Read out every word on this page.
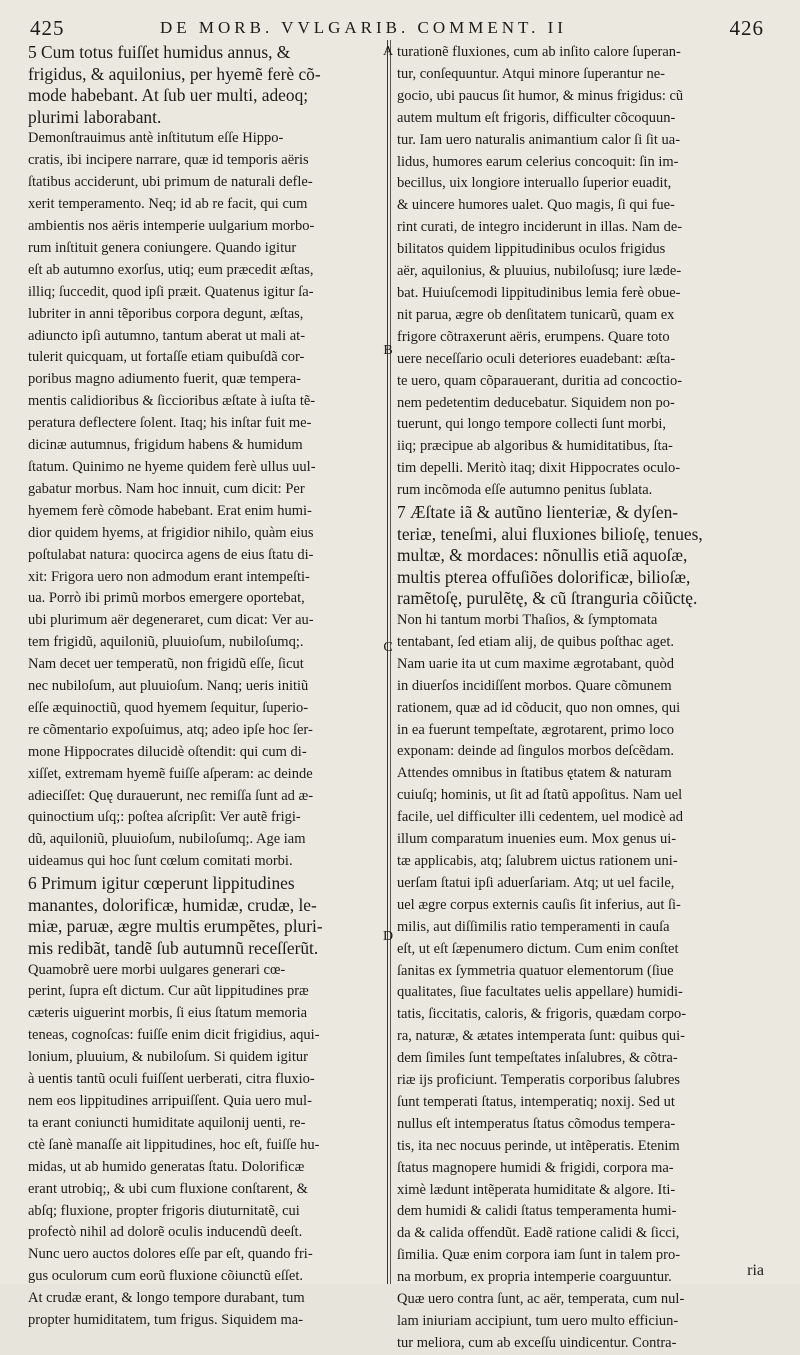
425	DE MORB. VVLGARIB. COMMENT. II	426
A
B
C
D
5 Cum totus fuiſſet humidus annus, &
frigidus, & aquilonius, per hyemẽ ferè cõ-
mode habebant. At ſub uer multi, adeoq;
plurimi laborabant.
Demonſtrauimus antè inſtitutum eſſe Hippo-
cratis, ibi incipere narrare, quæ id temporis aëris
ſtatibus acciderunt, ubi primum de naturali defle-
xerit temperamento. Neq; id ab re facit, qui cum
ambientis nos aëris intemperie uulgarium morbo-
rum inſtituit genera coniungere. Quando igitur
eſt ab autumno exorſus, utiq; eum præcedit æſtas,
illiq; ſuccedit, quod ipſi præit. Quatenus igitur ſa-
lubriter in anni tẽporibus corpora degunt, æſtas,
adiuncto ipſi autumno, tantum aberat ut mali at-
tulerit quicquam, ut fortaſſe etiam quibuſdã cor-
poribus magno adiumento fuerit, quæ tempera-
mentis calidioribus & ſiccioribus æſtate à iuſta tẽ-
peratura deflectere ſolent. Itaq; his inſtar fuit me-
dicinæ autumnus, frigidum habens & humidum
ſtatum. Quinimo ne hyeme quidem ferè ullus uul-
gabatur morbus. Nam hoc innuit, cum dicit: Per
hyemem ferè cõmode habebant. Erat enim humi-
dior quidem hyems, at frigidior nihilo, quàm eius
poſtulabat natura: quocirca agens de eius ſtatu di-
xit: Frigora uero non admodum erant intempeſti-
ua. Porrò ibi primũ morbos emergere oportebat,
ubi plurimum aër degeneraret, cum dicat: Ver au-
tem frigidũ, aquiloniũ, pluuioſum, nubiloſumq;.
Nam decet uer temperatũ, non frigidũ eſſe, ſicut
nec nubiloſum, aut pluuioſum. Nanq; ueris initiũ
eſſe æquinoctiũ, quod hyemem ſequitur, ſuperio-
re cõmentario expoſuimus, atq; adeo ipſe hoc ſer-
mone Hippocrates dilucidè oſtendit: qui cum di-
xiſſet, extremam hyemẽ fuiſſe aſperam: ac deinde
adieciſſet: Quę durauerunt, nec remiſſa ſunt ad æ-
quinoctium uſq;: poſtea aſcripſit: Ver autẽ frigi-
dũ, aquiloniũ, pluuioſum, nubiloſumq;. Age iam
uideamus qui hoc ſunt cœlum comitati morbi.
6 Primum igitur cœperunt lippitudines
manantes, dolorificæ, humidæ, crudæ, le-
miæ, paruæ, ægre multis erumpẽtes, pluri-
mis redibãt, tandẽ ſub autumnũ receſſerũt.
Quamobrẽ uere morbi uulgares generari cœ-
perint, ſupra eſt dictum. Cur aũt lippitudines præ
cæteris uiguerint morbis, ſi eius ſtatum memoria
teneas, cognoſcas: fuiſſe enim dicit frigidius, aqui-
lonium, pluuium, & nubiloſum. Si quidem igitur
à uentis tantũ oculi fuiſſent uerberati, citra fluxio-
nem eos lippitudines arripuiſſent. Quia uero mul-
ta erant coniuncti humiditate aquilonij uenti, re-
ctè ſanè manaſſe ait lippitudines, hoc eſt, fuiſſe hu-
midas, ut ab humido generatas ſtatu. Dolorificæ
erant utrobiq;, & ubi cum fluxione conſtarent, &
abſq; fluxione, propter frigoris diuturnitatẽ, cui
profectò nihil ad dolorẽ oculis inducendũ deeſt.
Nunc uero auctos dolores eſſe par eſt, quando fri-
gus oculorum cum eorũ fluxione cõiunctũ eſſet.
At crudæ erant, & longo tempore durabant, tum
propter humiditatem, tum frigus. Siquidem ma-
turationẽ fluxiones, cum ab inſito calore ſuperan-
tur, conſequuntur. Atqui minore ſuperantur ne-
gocio, ubi paucus ſit humor, & minus frigidus: cũ
autem multum eſt frigoris, difficulter cõcoquun-
tur. Iam uero naturalis animantium calor ſi ſit ua-
lidus, humores earum celerius concoquit: ſin im-
becillus, uix longiore interuallo ſuperior euadit,
& uincere humores ualet. Quo magis, ſi qui fue-
rint curati, de integro inciderunt in illas. Nam de-
bilitatos quidem lippitudinibus oculos frigidus
aër, aquilonius, & pluuius, nubiloſusq; iure læde-
bat. Huiuſcemodi lippitudinibus lemia ferè obue-
nit parua, ægre ob denſitatem tunicarũ, quam ex
frigore cõtraxerunt aëris, erumpens. Quare toto
uere neceſſario oculi deteriores euadebant: æſta-
te uero, quam cõparauerant, duritia ad concoctio-
nem pedetentim deducebatur. Siquidem non po-
tuerunt, qui longo tempore collecti ſunt morbi,
iiq; præcipue ab algoribus & humiditatibus, ſta-
tim depelli. Meritò itaq; dixit Hippocrates oculo-
rum incõmoda eſſe autumno penitus ſublata.
7 Æſtate iã & autũno lienteriæ, & dyſen-
teriæ, teneſmi, alui fluxiones bilioſę, tenues,
multæ, & mordaces: nõnullis etiã aquoſæ,
multis pterea offuſiões dolorificæ, bilioſæ,
ramẽtoſę, purulẽtę, & cũ ſtranguria cõiũctę.
Non hi tantum morbi Thaſios, & ſymptomata
tentabant, ſed etiam alij, de quibus poſthac aget.
Nam uarie ita ut cum maxime ægrotabant, quòd
in diuerſos incidiſſent morbos. Quare cõmunem
rationem, quæ ad id cõducit, quo non omnes, qui
in ea fuerunt tempeſtate, ægrotarent, primo loco
exponam: deinde ad ſingulos morbos deſcẽdam.
Attendes omnibus in ſtatibus ętatem & naturam
cuiuſq; hominis, ut ſit ad ſtatũ appoſitus. Nam uel
facile, uel difficulter illi cedentem, uel modicè ad
illum comparatum inuenies eum. Mox genus ui-
tæ applicabis, atq; ſalubrem uictus rationem uni-
uerſam ſtatui ipſi aduerſariam. Atq; ut uel facile,
uel ægre corpus externis cauſis ſit inferius, aut ſi-
milis, aut diſſimilis ratio temperamenti in cauſa
eſt, ut eſt ſæpenumero dictum. Cum enim conſtet
ſanitas ex ſymmetria quatuor elementorum (ſiue
qualitates, ſiue facultates uelis appellare) humidi-
tatis, ſiccitatis, caloris, & frigoris, quædam corpo-
ra, naturæ, & ætates intemperata ſunt: quibus qui-
dem ſimiles ſunt tempeſtates inſalubres, & cõtra-
riæ ijs proficiunt. Temperatis corporibus ſalubres
ſunt temperati ſtatus, intemperatiq; noxij. Sed ut
nullus eſt intemperatus ſtatus cõmodus tempera-
tis, ita nec nocuus perinde, ut intẽperatis. Etenim
ſtatus magnopere humidi & frigidi, corpora ma-
ximè lædunt intẽperata humiditate & algore. Iti-
dem humidi & calidi ſtatus temperamenta humi-
da & calida offendũt. Eadẽ ratione calidi & ſicci,
ſimilia. Quæ enim corpora iam ſunt in talem pro-
na morbum, ex propria intemperie coarguuntur.
Quæ uero contra ſunt, ac aër, temperata, cum nul-
lam iniuriam accipiunt, tum uero multo efficiun-
tur meliora, cum ab exceſſu uindicentur. Contra-
ria
